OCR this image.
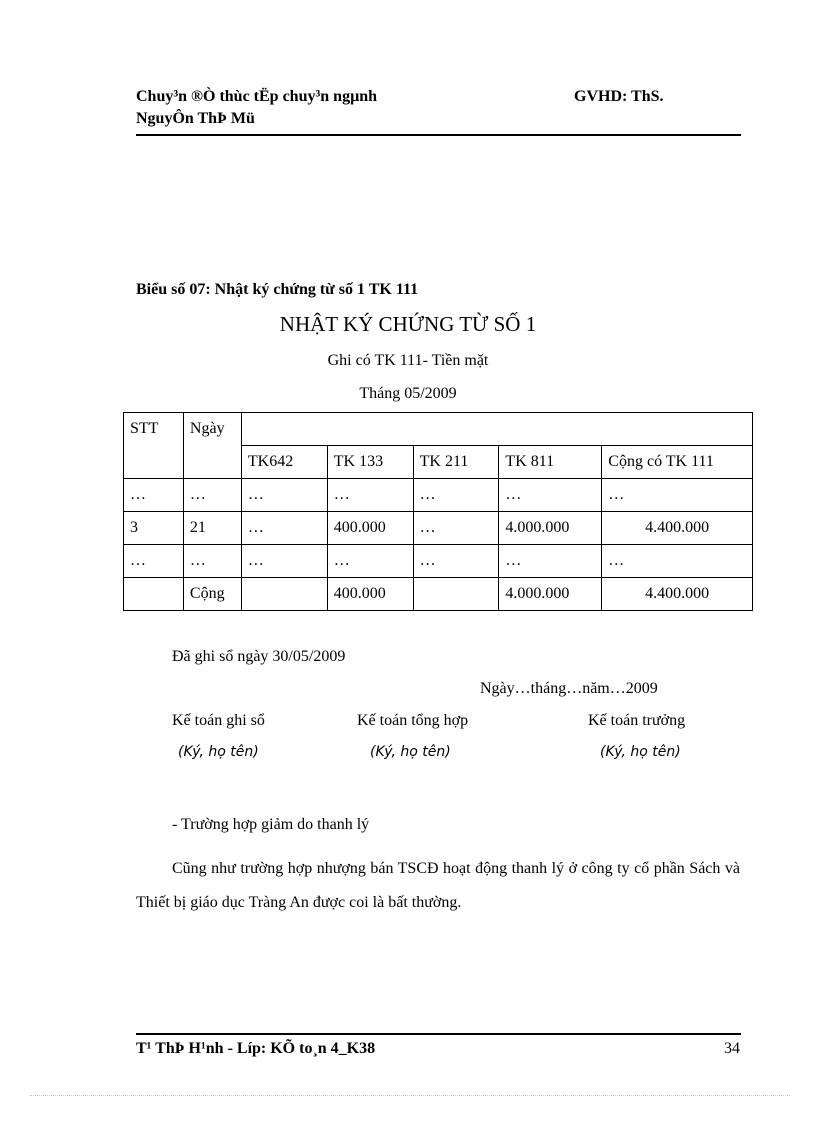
Chuy³n ®Ò thùc tËp chuy³n ngµnh	GVHD: ThS.
NguyÔn ThÞ Mü
Biểu số 07: Nhật ký chứng từ số 1 TK 111
NHẬT KÝ CHỨNG TỪ SỐ 1
Ghi có TK 111- Tiền mặt
Tháng 05/2009
STT	Ngày					
		TK642	TK 133	TK 211	TK 811	Cộng có TK 111
…	…	…	…	…	…	…
3	21	…	400.000	…	4.000.000	4.400.000
…	…	…	…	…	…	…
	Cộng		400.000		4.000.000	4.400.000
Đã ghi sổ ngày 30/05/2009
Ngày…tháng…năm…2009
Kế toán ghi sổ	Kế toán tổng hợp	Kế toán trưởng
(Ký, họ tên)	(Ký, họ tên)	(Ký, họ tên)
- Trường hợp giảm do thanh lý
Cũng như trường hợp nhượng bán TSCĐ hoạt động thanh lý ở công ty cổ phần Sách và Thiết bị giáo dục Tràng An được coi là bất thường.
T¹ ThÞ H¹nh - Líp: KÕ to¸n 4_K38	34
